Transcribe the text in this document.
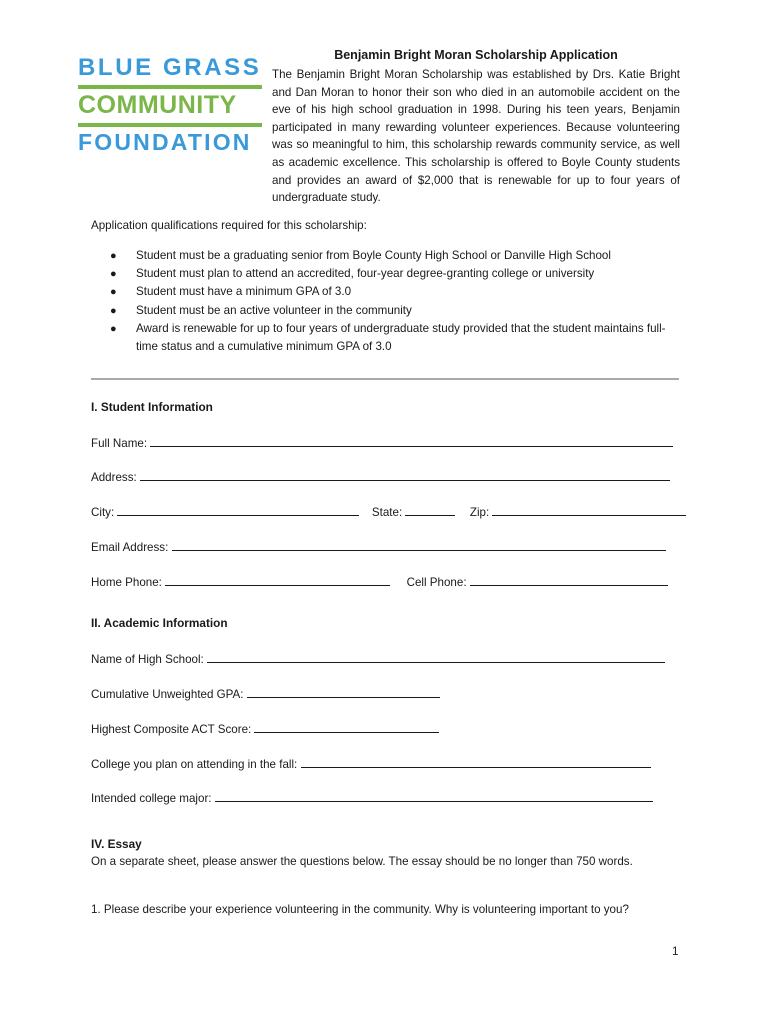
BLUE GRASS
COMMUNITY
FOUNDATION
Benjamin Bright Moran Scholarship Application
The Benjamin Bright Moran Scholarship was established by Drs. Katie Bright and Dan Moran to honor their son who died in an automobile accident on the eve of his high school graduation in 1998. During his teen years, Benjamin participated in many rewarding volunteer experiences. Because volunteering was so meaningful to him, this scholarship rewards community service, as well as academic excellence. This scholarship is offered to Boyle County students and provides an award of $2,000 that is renewable for up to four years of undergraduate study.
Application qualifications required for this scholarship:
● Student must be a graduating senior from Boyle County High School or Danville High School
● Student must plan to attend an accredited, four-year degree-granting college or university
● Student must have a minimum GPA of 3.0
● Student must be an active volunteer in the community
● Award is renewable for up to four years of undergraduate study provided that the student maintains full-time status and a cumulative minimum GPA of 3.0
I. Student Information
Full Name:
Address:
City:	State:	Zip:
Email Address:
Home Phone:	Cell Phone:
II. Academic Information
Name of High School:
Cumulative Unweighted GPA:
Highest Composite ACT Score:
College you plan on attending in the fall:
Intended college major:
IV. Essay
On a separate sheet, please answer the questions below. The essay should be no longer than 750 words.
1. Please describe your experience volunteering in the community. Why is volunteering important to you?
1
